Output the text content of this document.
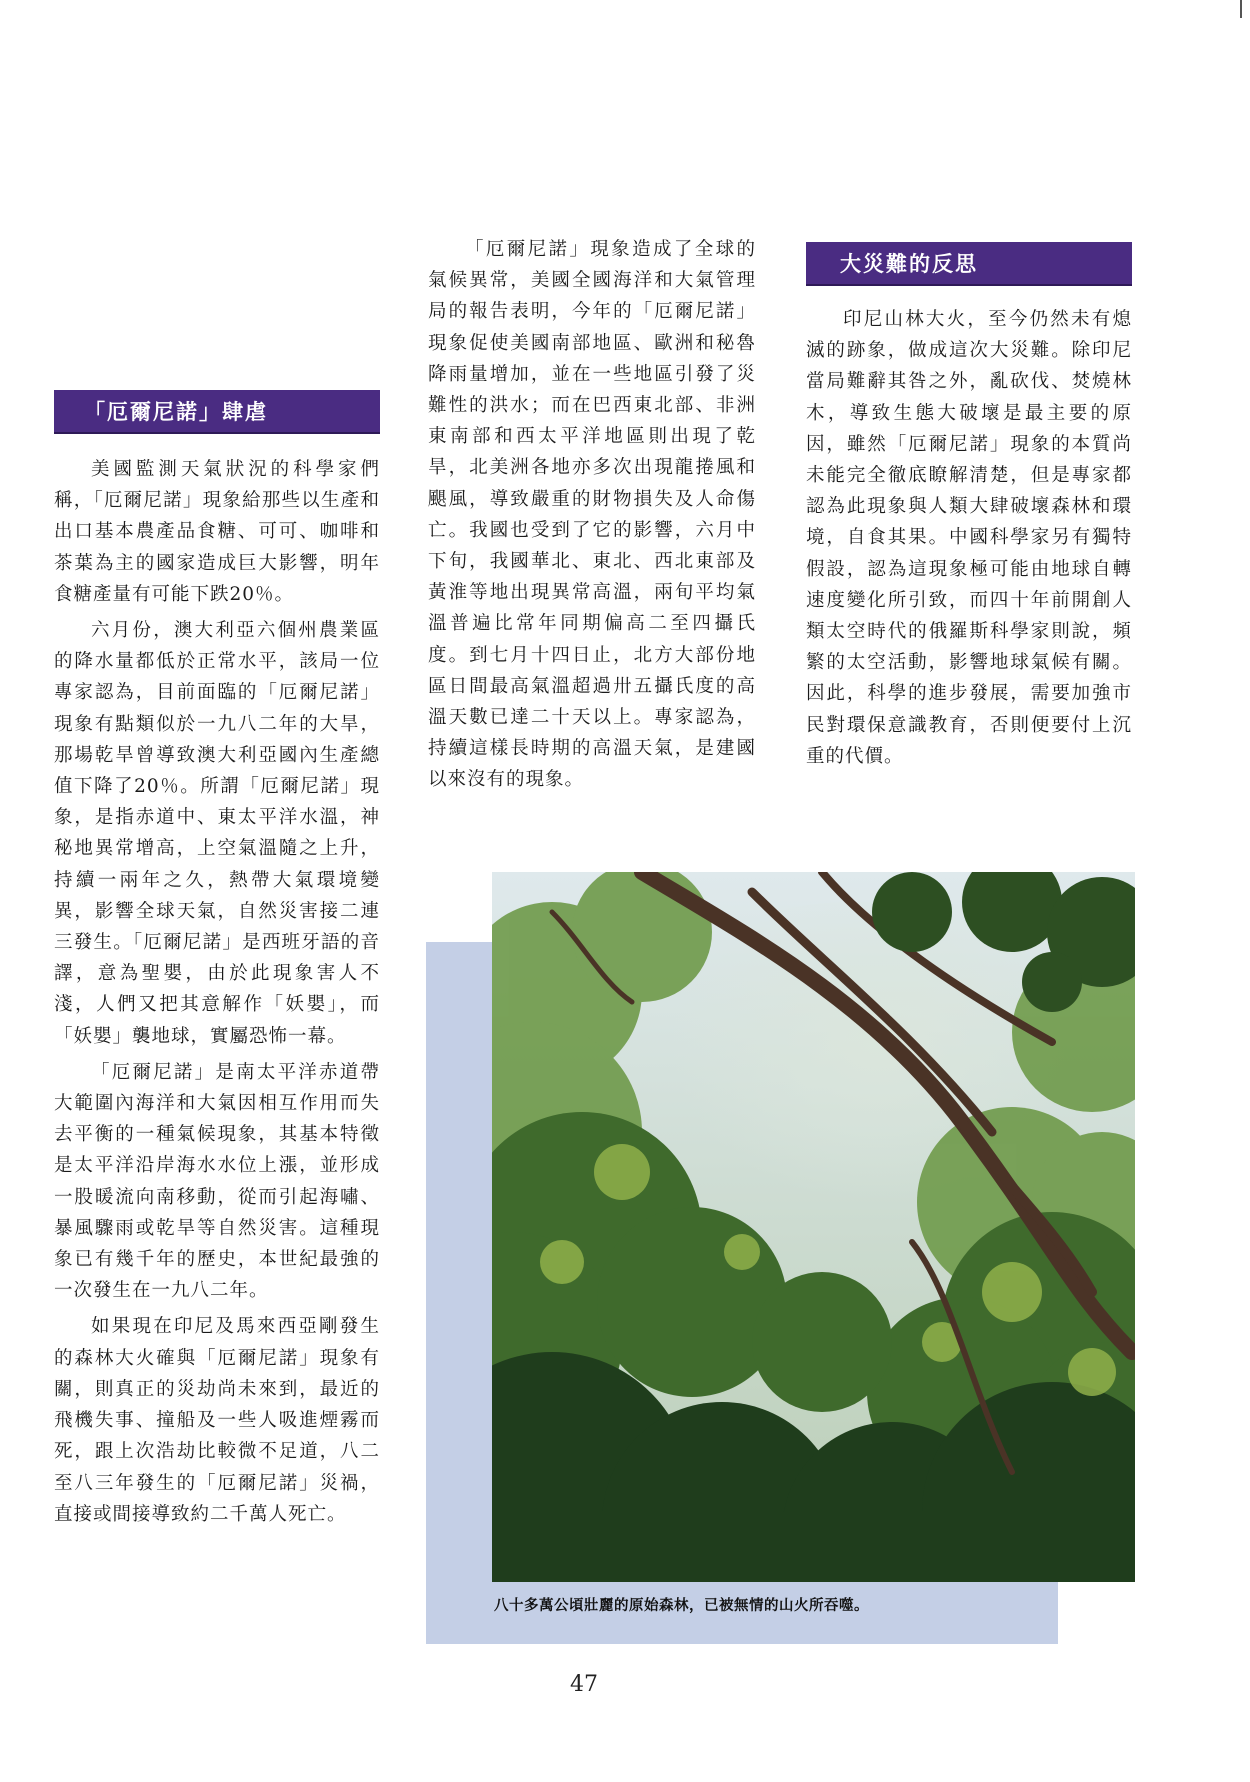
「厄爾尼諾」肆虐

美國監測天氣狀況的科學家們稱，「厄爾尼諾」現象給那些以生產和出口基本農產品食糖、可可、咖啡和茶葉為主的國家造成巨大影響，明年食糖產量有可能下跌20％。

六月份，澳大利亞六個州農業區的降水量都低於正常水平，該局一位專家認為，目前面臨的「厄爾尼諾」現象有點類似於一九八二年的大旱，那場乾旱曾導致澳大利亞國內生產總值下降了20％。所謂「厄爾尼諾」現象，是指赤道中、東太平洋水溫，神秘地異常增高，上空氣溫隨之上升，持續一兩年之久，熱帶大氣環境變異，影響全球天氣，自然災害接二連三發生。「厄爾尼諾」是西班牙語的音譯，意為聖嬰，由於此現象害人不淺，人們又把其意解作「妖嬰」，而「妖嬰」襲地球，實屬恐怖一幕。

「厄爾尼諾」是南太平洋赤道帶大範圍內海洋和大氣因相互作用而失去平衡的一種氣候現象，其基本特徵是太平洋沿岸海水水位上漲，並形成一股暖流向南移動，從而引起海嘯、暴風驟雨或乾旱等自然災害。這種現象已有幾千年的歷史，本世紀最強的一次發生在一九八二年。

如果現在印尼及馬來西亞剛發生的森林大火確與「厄爾尼諾」現象有關，則真正的災劫尚未來到，最近的飛機失事、撞船及一些人吸進煙霧而死，跟上次浩劫比較微不足道，八二至八三年發生的「厄爾尼諾」災禍，直接或間接導致約二千萬人死亡。

「厄爾尼諾」現象造成了全球的氣候異常，美國全國海洋和大氣管理局的報告表明，今年的「厄爾尼諾」現象促使美國南部地區、歐洲和秘魯降雨量增加，並在一些地區引發了災難性的洪水；而在巴西東北部、非洲東南部和西太平洋地區則出現了乾旱，北美洲各地亦多次出現龍捲風和颶風，導致嚴重的財物損失及人命傷亡。我國也受到了它的影響，六月中下旬，我國華北、東北、西北東部及黃淮等地出現異常高溫，兩旬平均氣溫普遍比常年同期偏高二至四攝氏度。到七月十四日止，北方大部份地區日間最高氣溫超過卅五攝氏度的高溫天數已達二十天以上。專家認為，持續這樣長時期的高溫天氣，是建國以來沒有的現象。

大災難的反思

印尼山林大火，至今仍然未有熄滅的跡象，做成這次大災難。除印尼當局難辭其咎之外，亂砍伐、焚燒林木，導致生態大破壞是最主要的原因，雖然「厄爾尼諾」現象的本質尚未能完全徹底瞭解清楚，但是專家都認為此現象與人類大肆破壞森林和環境，自食其果。中國科學家另有獨特假設，認為這現象極可能由地球自轉速度變化所引致，而四十年前開創人類太空時代的俄羅斯科學家則說，頻繁的太空活動，影響地球氣候有關。因此，科學的進步發展，需要加強市民對環保意識教育，否則便要付上沉重的代價。

八十多萬公頃壯麗的原始森林，已被無情的山火所吞噬。
47
